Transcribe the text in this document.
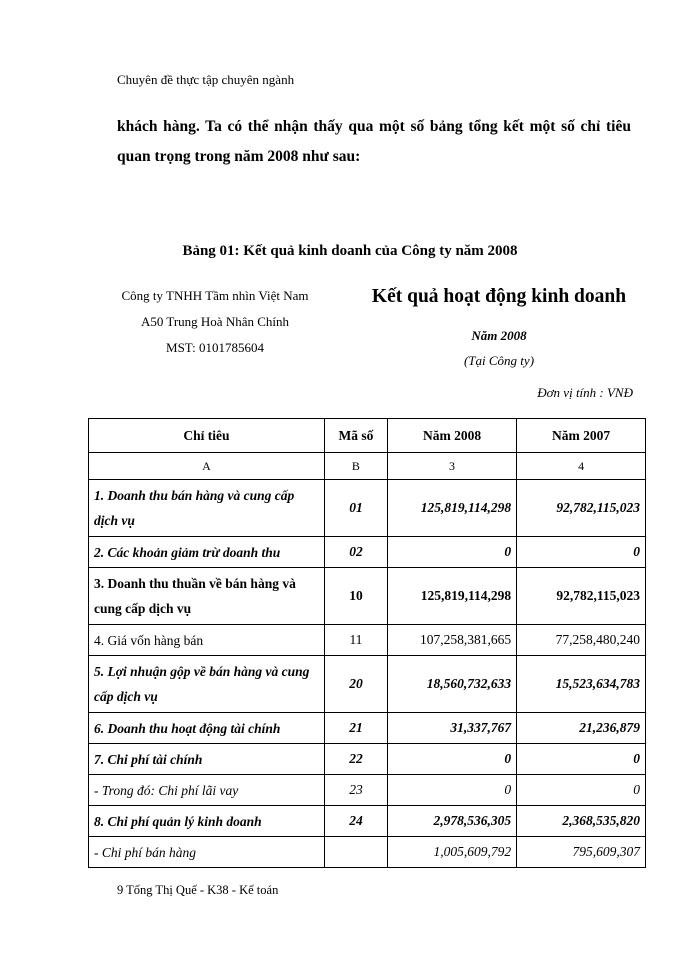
Chuyên đề thực tập chuyên ngành
khách hàng. Ta có thể nhận thấy qua một số bảng tổng kết một số chỉ tiêu
quan trọng trong năm 2008 như sau:
Bảng 01: Kết quả kinh doanh của Công ty năm 2008
Công ty TNHH Tầm nhìn Việt Nam
A50 Trung Hoà Nhân Chính
MST: 0101785604
Kết quả hoạt động kinh doanh
Năm 2008
(Tại Công ty)
Đơn vị tính : VNĐ
Chỉ tiêu	Mã số	Năm 2008	Năm 2007
A	B	3	4
1. Doanh thu bán hàng và cung cấp dịch vụ	01	125,819,114,298	92,782,115,023
2. Các khoản giảm trừ doanh thu	02	0	0
3. Doanh thu thuần về bán hàng và cung cấp dịch vụ	10	125,819,114,298	92,782,115,023
4. Giá vốn hàng bán	11	107,258,381,665	77,258,480,240
5. Lợi nhuận gộp về bán hàng và cung cấp dịch vụ	20	18,560,732,633	15,523,634,783
6. Doanh thu hoạt động tài chính	21	31,337,767	21,236,879
7. Chi phí tài chính	22	0	0
- Trong đó: Chi phí lãi vay	23	0	0
8. Chi phí quản lý kinh doanh	24	2,978,536,305	2,368,535,820
- Chi phí bán hàng		1,005,609,792	795,609,307
9 Tống Thị Quế - K38 - Kế toán
